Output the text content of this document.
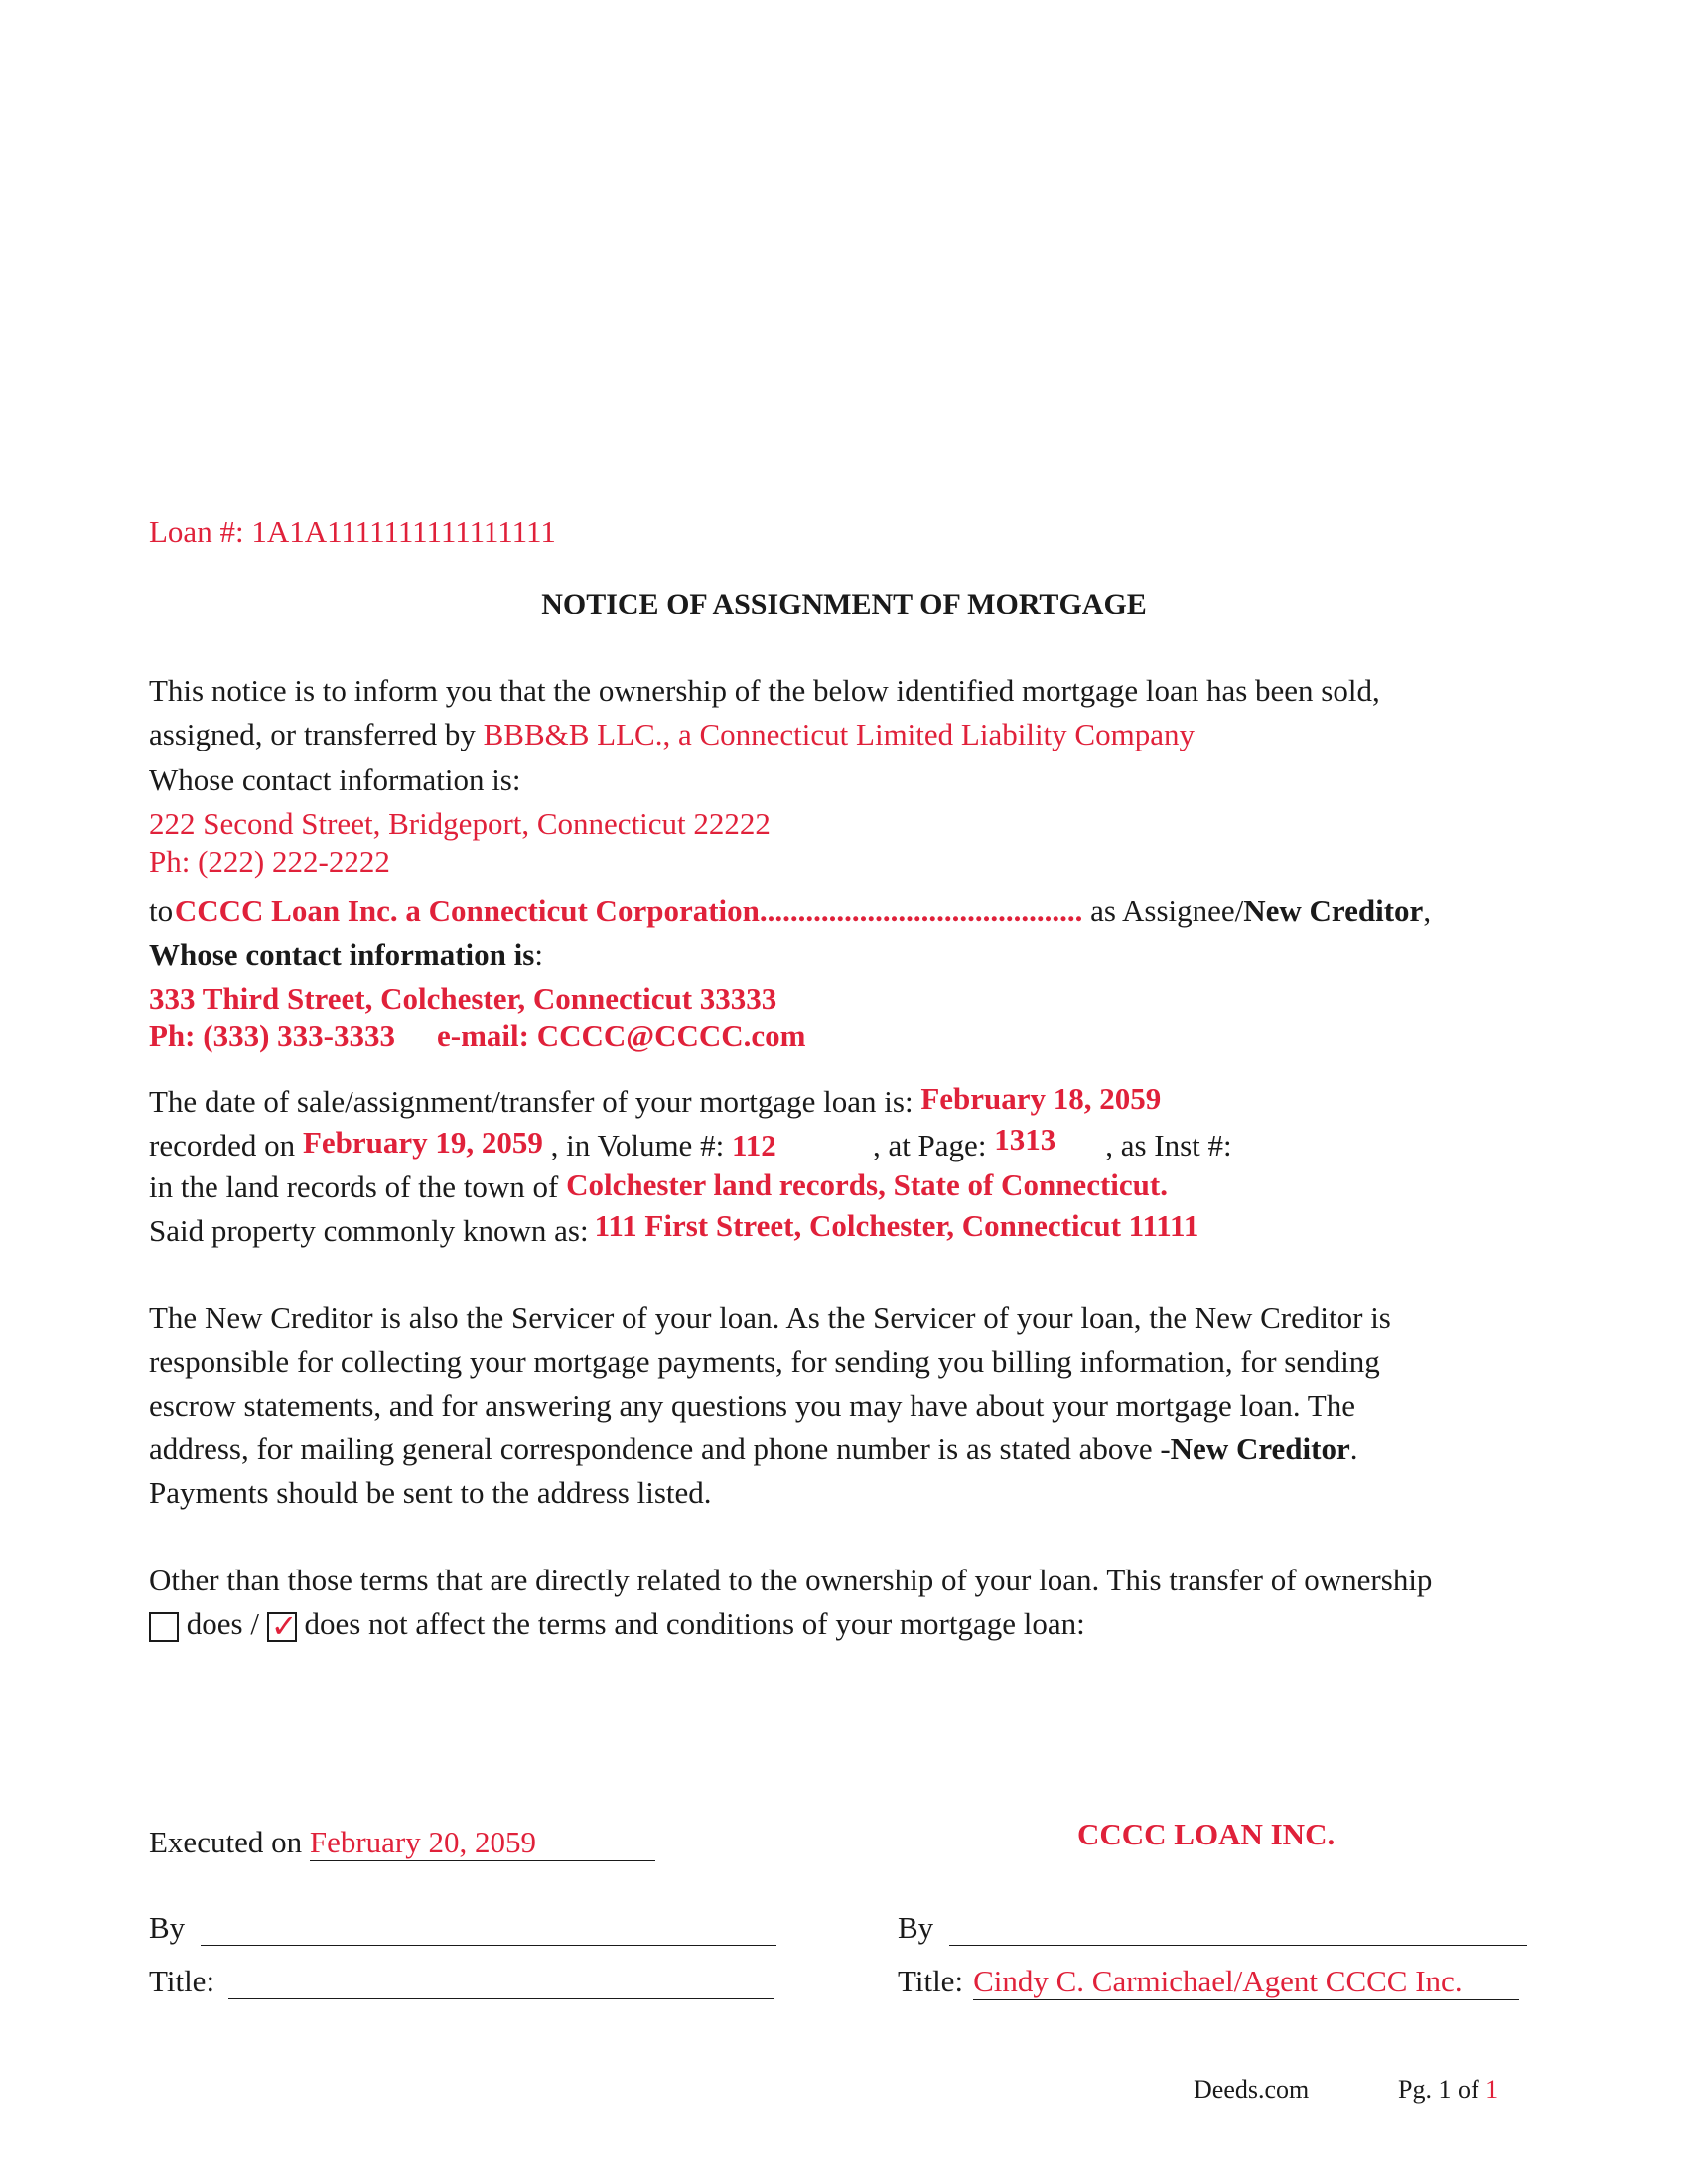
Loan #: 1A1A1111111111111111
NOTICE OF ASSIGNMENT OF MORTGAGE
This notice is to inform you that the ownership of the below identified mortgage loan has been sold,
assigned, or transferred by BBB&B LLC., a Connecticut Limited Liability Company
Whose contact information is:
222 Second Street, Bridgeport, Connecticut 22222
Ph: (222) 222-2222
to CCCC Loan Inc. a Connecticut Corporation.......................................... as Assignee/New Creditor,
Whose contact information is:
333 Third Street, Colchester, Connecticut 33333
Ph: (333) 333-3333 e-mail: CCCC@CCCC.com
The date of sale/assignment/transfer of your mortgage loan is: February 18, 2059
recorded on February 19, 2059 , in Volume #: 112	, at Page: 1313 , as Inst #:
in the land records of the town of Colchester land records, State of Connecticut.
Said property commonly known as: 111 First Street, Colchester, Connecticut 11111
The New Creditor is also the Servicer of your loan. As the Servicer of your loan, the New Creditor is
responsible for collecting your mortgage payments, for sending you billing information, for sending
escrow statements, and for answering any questions you may have about your mortgage loan. The
address, for mailing general correspondence and phone number is as stated above -New Creditor.
Payments should be sent to the address listed.
Other than those terms that are directly related to the ownership of your loan. This transfer of ownership
does / ✓ does not affect the terms and conditions of your mortgage loan:
Executed on February 20, 2059	CCCC LOAN INC.
By
Title:
By
Title: Cindy C. Carmichael/Agent CCCC Inc.
Deeds.com	Pg. 1 of 1
